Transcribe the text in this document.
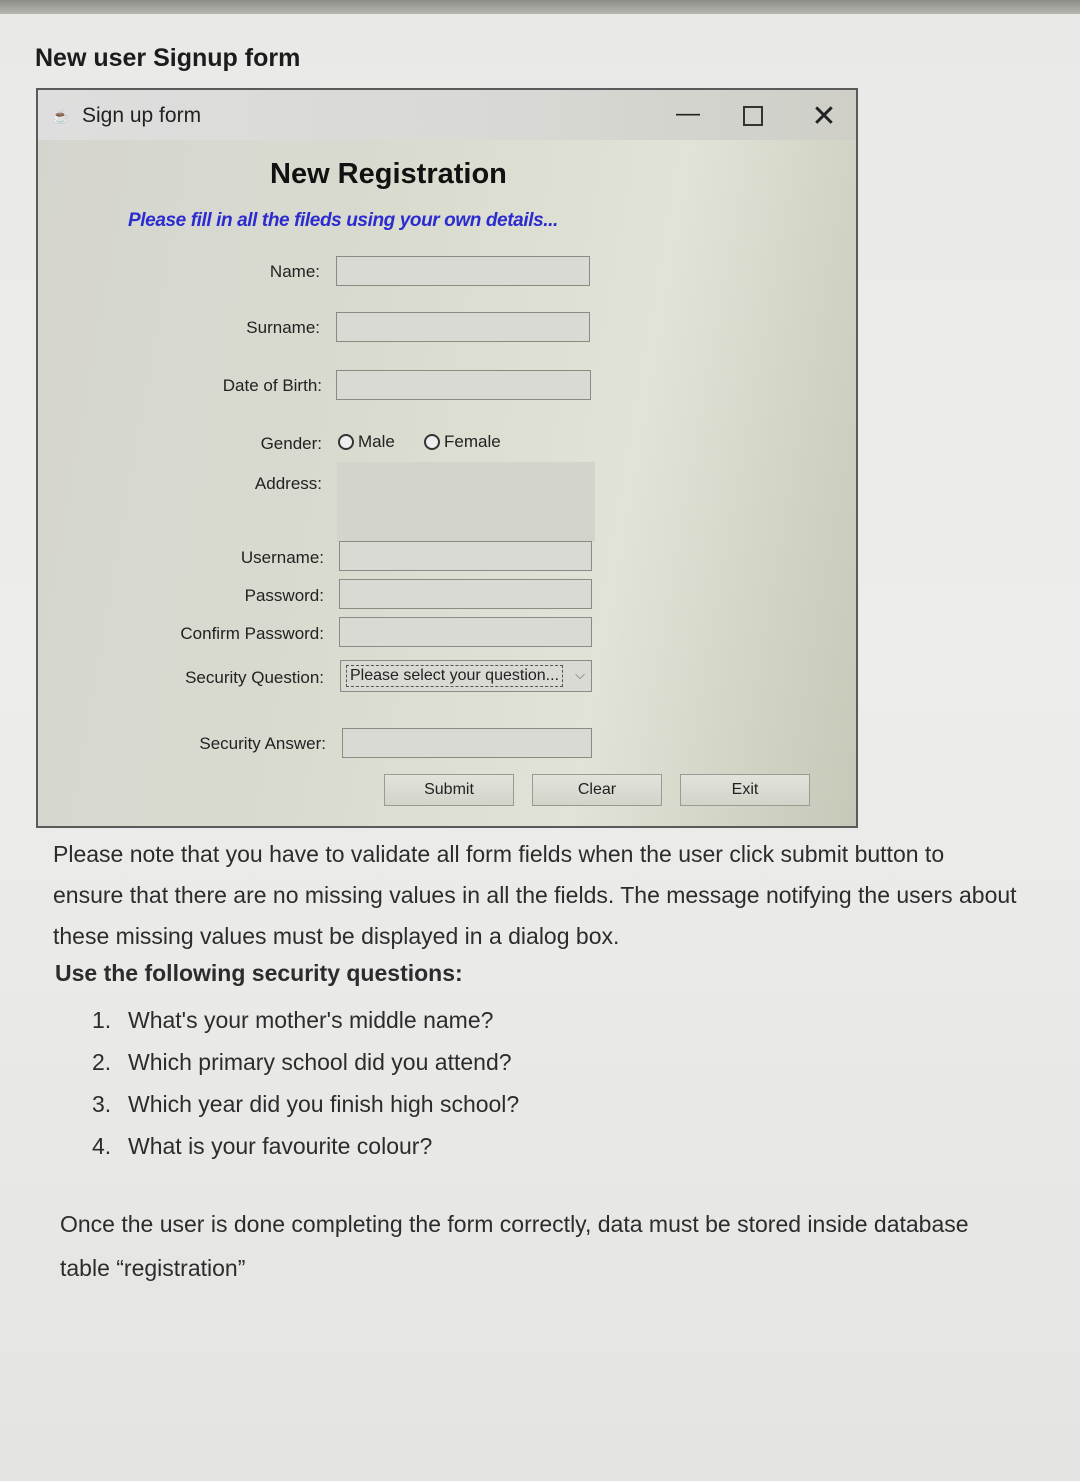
New user Signup form
☕ Sign up form	—	✕
New Registration
Please fill in all the fileds using your own details...
Name:
Surname:
Date of Birth:
Gender: Male	Female
Address:
Username:
Password:
Confirm Password:
Security Question: Please select your question...	⌵
Security Answer:
Submit	Clear	Exit

Please note that you have to validate all form fields when the user click submit button to

ensure that there are no missing values in all the fields. The message notifying the users about

these missing values must be displayed in a dialog box.

Use the following security questions:
1. What's your mother's middle name?
2. Which primary school did you attend?
3. Which year did you finish high school?
4. What is your favourite colour?

Once the user is done completing the form correctly, data must be stored inside database

table “registration”
